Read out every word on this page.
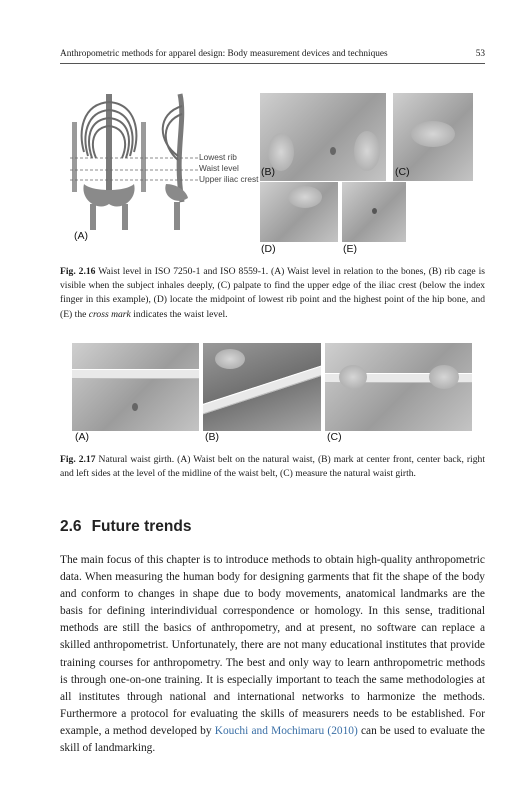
Anthropometric methods for apparel design: Body measurement devices and techniques	53
Lowest rib
Waist level
Upper iliac crest
(A)
(B)	(C)
(D)	(E)
Fig. 2.16 Waist level in ISO 7250-1 and ISO 8559-1. (A) Waist level in relation to the bones, (B) rib cage is visible when the subject inhales deeply, (C) palpate to find the upper edge of the iliac crest (below the index finger in this example), (D) locate the midpoint of lowest rib point and the highest point of the hip bone, and (E) the cross mark indicates the waist level.
(A)	(B)	(C)
Fig. 2.17 Natural waist girth. (A) Waist belt on the natural waist, (B) mark at center front, center back, right and left sides at the level of the midline of the waist belt, (C) measure the natural waist girth.
2.6 Future trends
The main focus of this chapter is to introduce methods to obtain high-quality anthropometric data. When measuring the human body for designing garments that fit the shape of the body and conform to changes in shape due to body movements, anatomical landmarks are the basis for defining interindividual correspondence or homology. In this sense, traditional methods are still the basics of anthropometry, and at present, no software can replace a skilled anthropometrist. Unfortunately, there are not many educational institutes that provide training courses for anthropometry. The best and only way to learn anthropometric methods is through one-on-one training. It is especially important to teach the same methodologies at all institutes through national and international networks to harmonize the methods. Furthermore a protocol for evaluating the skills of measurers needs to be established. For example, a method developed by Kouchi and Mochimaru (2010) can be used to evaluate the skill of landmarking.
